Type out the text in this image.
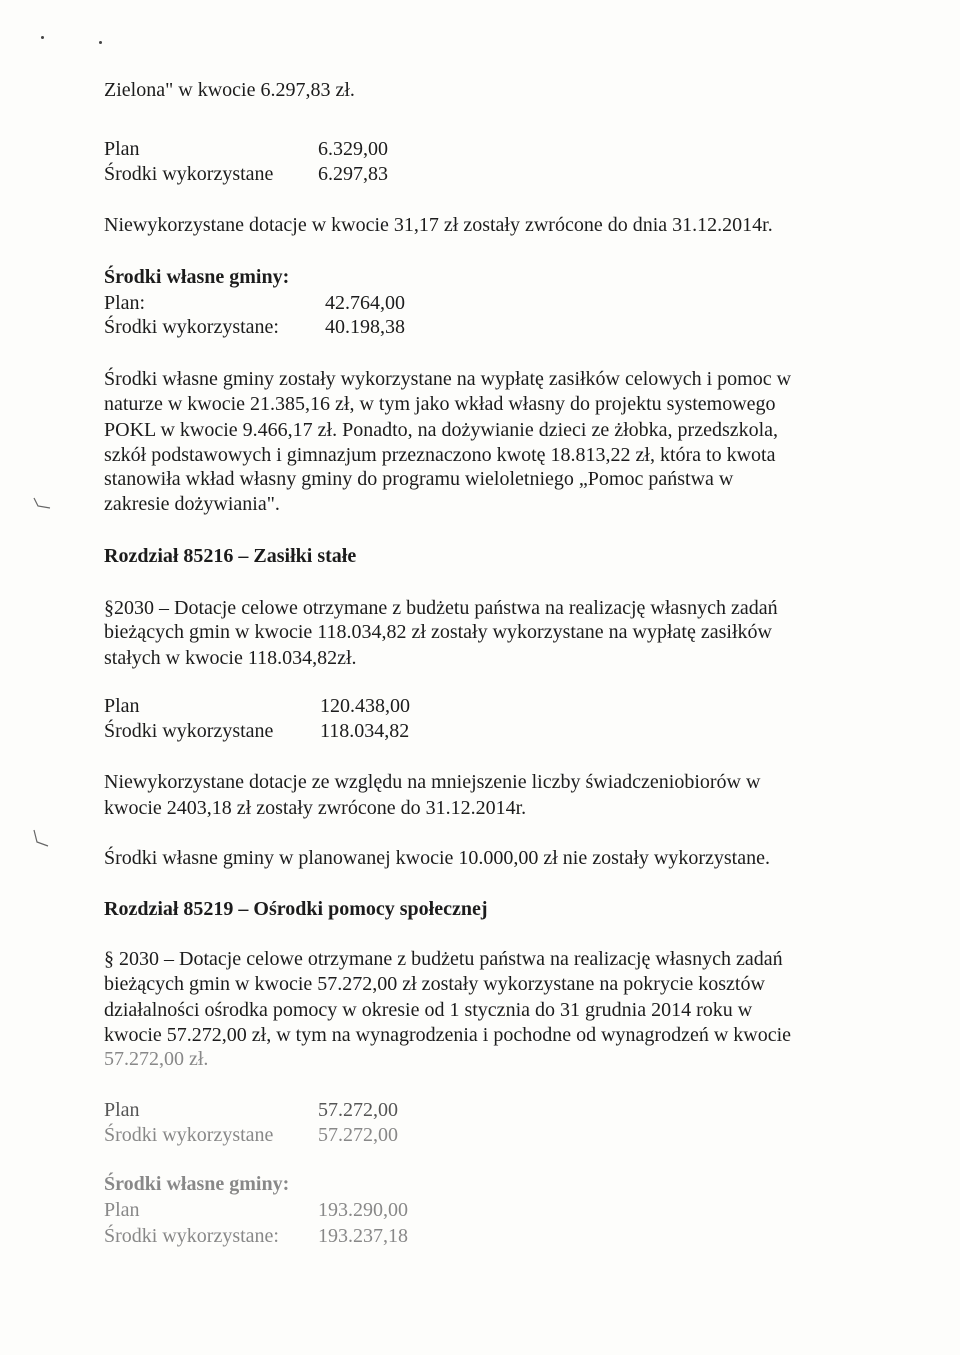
Zielona" w kwocie 6.297,83 zł.
Plan	6.329,00
Środki wykorzystane 6.297,83
Niewykorzystane dotacje w kwocie 31,17 zł zostały zwrócone do dnia 31.12.2014r.
Środki własne gminy:
Plan:	42.764,00
Środki wykorzystane: 40.198,38
Środki własne gminy zostały wykorzystane na wypłatę zasiłków celowych i pomoc w
naturze w kwocie 21.385,16 zł, w tym jako wkład własny do projektu systemowego
POKL w kwocie 9.466,17 zł. Ponadto, na dożywianie dzieci ze żłobka, przedszkola,
szkół podstawowych i gimnazjum przeznaczono kwotę 18.813,22 zł, która to kwota
stanowiła wkład własny gminy do programu wieloletniego „Pomoc państwa w
zakresie dożywiania".
Rozdział 85216 – Zasiłki stałe
§2030 – Dotacje celowe otrzymane z budżetu państwa na realizację własnych zadań
bieżących gmin w kwocie 118.034,82 zł zostały wykorzystane na wypłatę zasiłków
stałych w kwocie 118.034,82zł.
Plan	120.438,00
Środki wykorzystane 118.034,82
Niewykorzystane dotacje ze względu na mniejszenie liczby świadczeniobiorów w
kwocie 2403,18 zł zostały zwrócone do 31.12.2014r.
Środki własne gminy w planowanej kwocie 10.000,00 zł nie zostały wykorzystane.
Rozdział 85219 – Ośrodki pomocy społecznej
§ 2030 – Dotacje celowe otrzymane z budżetu państwa na realizację własnych zadań
bieżących gmin w kwocie 57.272,00 zł zostały wykorzystane na pokrycie kosztów
działalności ośrodka pomocy w okresie od 1 stycznia do 31 grudnia 2014 roku w
kwocie 57.272,00 zł, w tym na wynagrodzenia i pochodne od wynagrodzeń w kwocie
57.272,00 zł.
Plan	57.272,00
Środki wykorzystane 57.272,00
Środki własne gminy:
Plan	193.290,00
Środki wykorzystane: 193.237,18
